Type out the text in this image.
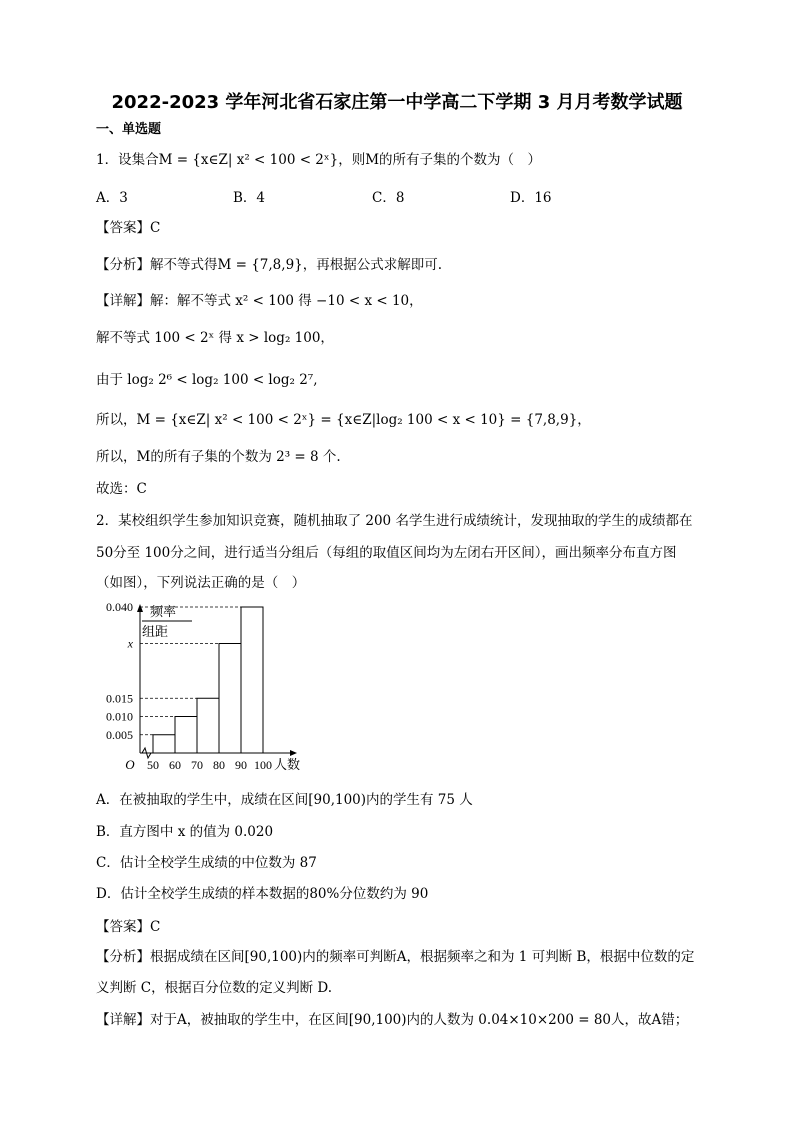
2022-2023 学年河北省石家庄第一中学高二下学期 3 月月考数学试题
一、单选题
1．设集合M = {x∈Z| x² < 100 < 2ˣ}，则M的所有子集的个数为（　）
A．3	B．4	C．8	D．16
【答案】C
【分析】解不等式得M = {7,8,9}，再根据公式求解即可.
【详解】解：解不等式 x² < 100 得 −10 < x < 10，
解不等式 100 < 2ˣ 得 x > log₂ 100，
由于 log₂ 2⁶ < log₂ 100 < log₂ 2⁷,
所以，M = {x∈Z| x² < 100 < 2ˣ} = {x∈Z|log₂ 100 < x < 10} = {7,8,9}，
所以，M的所有子集的个数为 2³ = 8 个.
故选：C
2．某校组织学生参加知识竞赛，随机抽取了 200 名学生进行成绩统计，发现抽取的学生的成绩都在
50分至 100分之间，进行适当分组后（每组的取值区间均为左闭右开区间），画出频率分布直方图
（如图），下列说法正确的是（　）
频率
组距
0.005
0.010
0.015
x
0.040
50 60 70 80 90 100
O	人数
A．在被抽取的学生中，成绩在区间[90,100)内的学生有 75 人
B．直方图中 x 的值为 0.020
C．估计全校学生成绩的中位数为 87
D．估计全校学生成绩的样本数据的80%分位数约为 90
【答案】C
【分析】根据成绩在区间[90,100)内的频率可判断A，根据频率之和为 1 可判断 B，根据中位数的定
义判断 C，根据百分位数的定义判断 D.
【详解】对于A，被抽取的学生中，在区间[90,100)内的人数为 0.04×10×200 = 80人，故A错；
